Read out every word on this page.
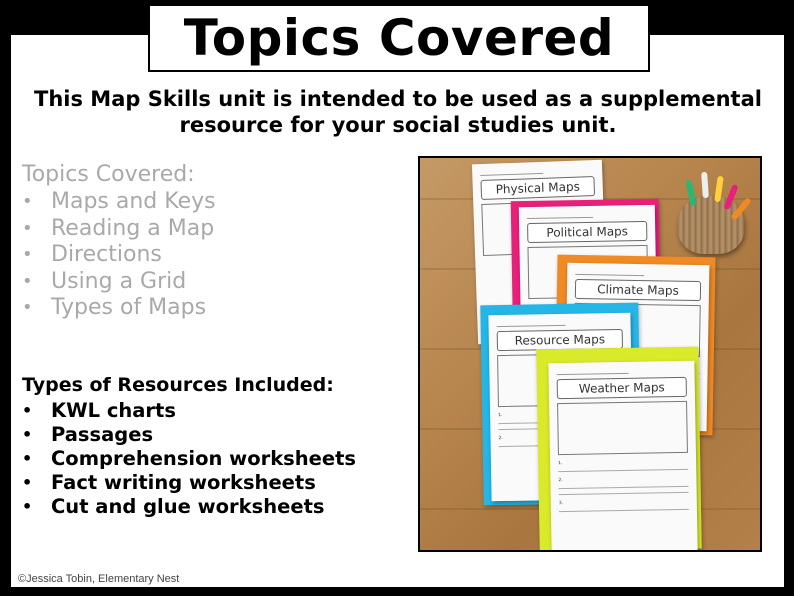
Topics Covered
This Map Skills unit is intended to be used as a supplemental resource for your social studies unit.
Topics Covered:
• Maps and Keys
• Reading a Map
• Directions
• Using a Grid
• Types of Maps
Types of Resources Included:
• KWL charts
• Passages
• Comprehension worksheets
• Fact writing worksheets
• Cut and glue worksheets
Physical Maps
Political Maps
Climate Maps
Resource Maps
1.
2.
Weather Maps
1.
2.
3.
©Jessica Tobin, Elementary Nest
